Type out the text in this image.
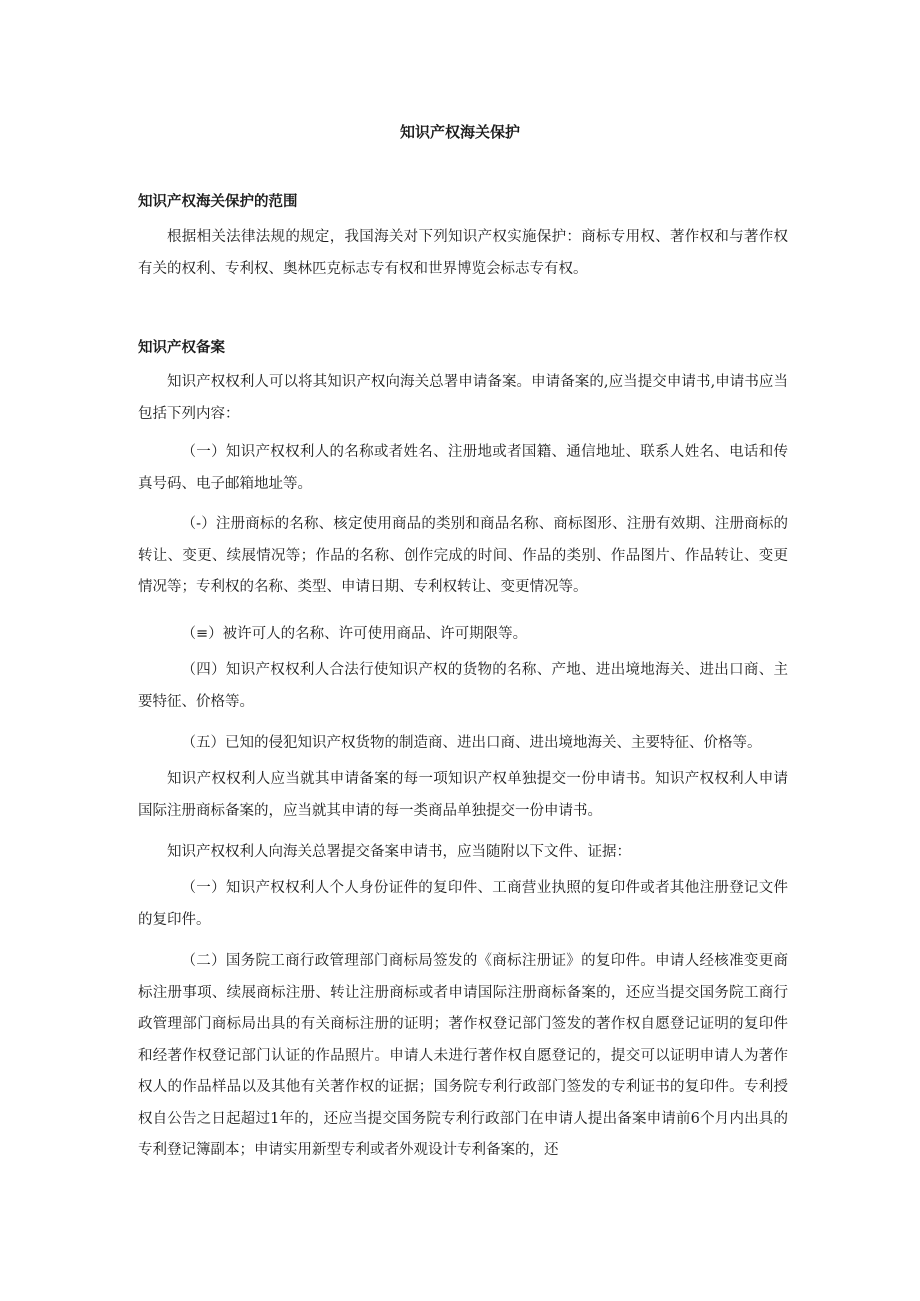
知识产权海关保护
知识产权海关保护的范围

根据相关法律法规的规定，我国海关对下列知识产权实施保护：商标专用权、著作权和与著作权有关的权利、专利权、奥林匹克标志专有权和世界博览会标志专有权。

知识产权备案

知识产权权利人可以将其知识产权向海关总署申请备案。申请备案的,应当提交申请书,申请书应当包括下列内容：

（一）知识产权权利人的名称或者姓名、注册地或者国籍、通信地址、联系人姓名、电话和传真号码、电子邮箱地址等。

（-）注册商标的名称、核定使用商品的类别和商品名称、商标图形、注册有效期、注册商标的转让、变更、续展情况等；作品的名称、创作完成的时间、作品的类别、作品图片、作品转让、变更情况等；专利权的名称、类型、申请日期、专利权转让、变更情况等。

（≡）被许可人的名称、许可使用商品、许可期限等。

（四）知识产权权利人合法行使知识产权的货物的名称、产地、进出境地海关、进出口商、主要特征、价格等。

（五）已知的侵犯知识产权货物的制造商、进出口商、进出境地海关、主要特征、价格等。

知识产权权利人应当就其申请备案的每一项知识产权单独提交一份申请书。知识产权权利人申请国际注册商标备案的，应当就其申请的每一类商品单独提交一份申请书。

知识产权权利人向海关总署提交备案申请书，应当随附以下文件、证据：

（一）知识产权权利人个人身份证件的复印件、工商营业执照的复印件或者其他注册登记文件的复印件。

（二）国务院工商行政管理部门商标局签发的《商标注册证》的复印件。申请人经核准变更商标注册事项、续展商标注册、转让注册商标或者申请国际注册商标备案的，还应当提交国务院工商行政管理部门商标局出具的有关商标注册的证明；著作权登记部门签发的著作权自愿登记证明的复印件和经著作权登记部门认证的作品照片。申请人未进行著作权自愿登记的，提交可以证明申请人为著作权人的作品样品以及其他有关著作权的证据；国务院专利行政部门签发的专利证书的复印件。专利授权自公告之日起超过1年的，还应当提交国务院专利行政部门在申请人提出备案申请前6个月内出具的专利登记簿副本；申请实用新型专利或者外观设计专利备案的，还
